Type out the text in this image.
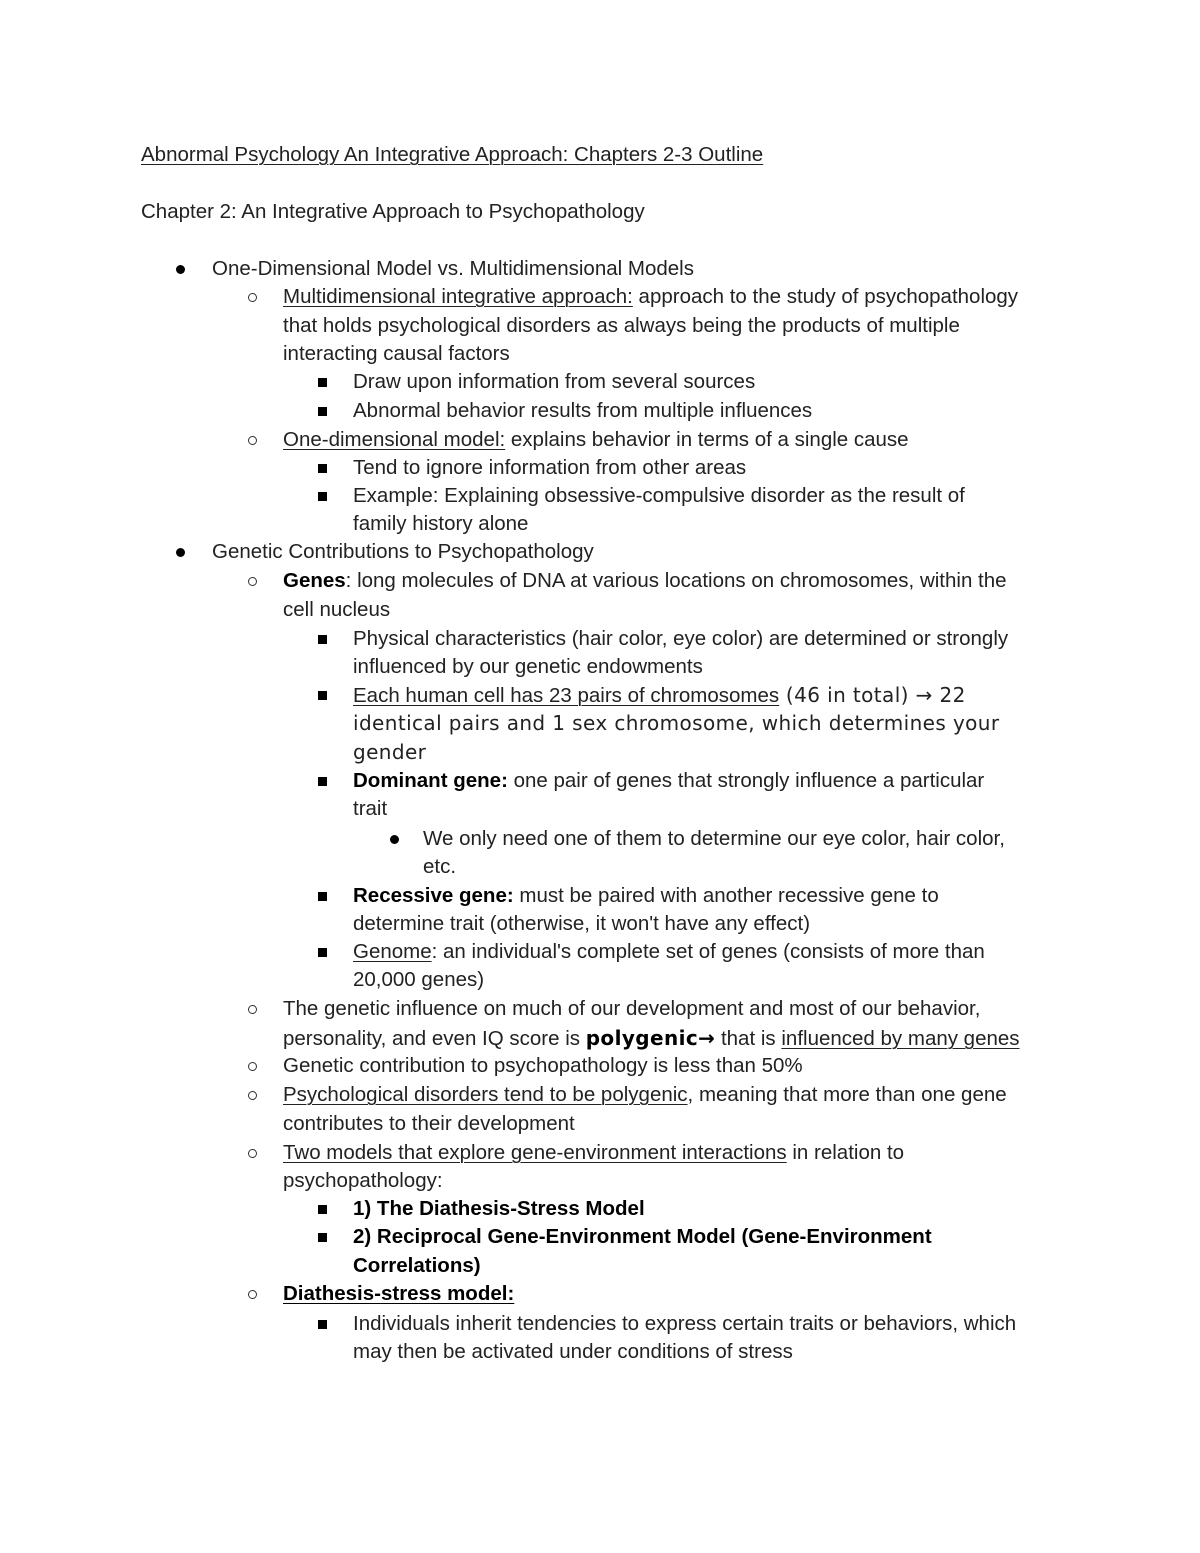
Abnormal Psychology An Integrative Approach: Chapters 2-3 Outline
Chapter 2: An Integrative Approach to Psychopathology
One-Dimensional Model vs. Multidimensional Models
Multidimensional integrative approach: approach to the study of psychopathology
that holds psychological disorders as always being the products of multiple
interacting causal factors
Draw upon information from several sources
Abnormal behavior results from multiple influences
One-dimensional model: explains behavior in terms of a single cause
Tend to ignore information from other areas
Example: Explaining obsessive-compulsive disorder as the result of
family history alone
Genetic Contributions to Psychopathology
Genes: long molecules of DNA at various locations on chromosomes, within the
cell nucleus
Physical characteristics (hair color, eye color) are determined or strongly
influenced by our genetic endowments
Each human cell has 23 pairs of chromosomes (46 in total) → 22
identical pairs and 1 sex chromosome, which determines your
gender
Dominant gene: one pair of genes that strongly influence a particular
trait
We only need one of them to determine our eye color, hair color,
etc.
Recessive gene: must be paired with another recessive gene to
determine trait (otherwise, it won't have any effect)
Genome: an individual's complete set of genes (consists of more than
20,000 genes)
The genetic influence on much of our development and most of our behavior,
personality, and even IQ score is polygenic→ that is influenced by many genes
Genetic contribution to psychopathology is less than 50%
Psychological disorders tend to be polygenic, meaning that more than one gene
contributes to their development
Two models that explore gene-environment interactions in relation to
psychopathology:
1) The Diathesis-Stress Model
2) Reciprocal Gene-Environment Model (Gene-Environment
Correlations)
Diathesis-stress model:
Individuals inherit tendencies to express certain traits or behaviors, which
may then be activated under conditions of stress
